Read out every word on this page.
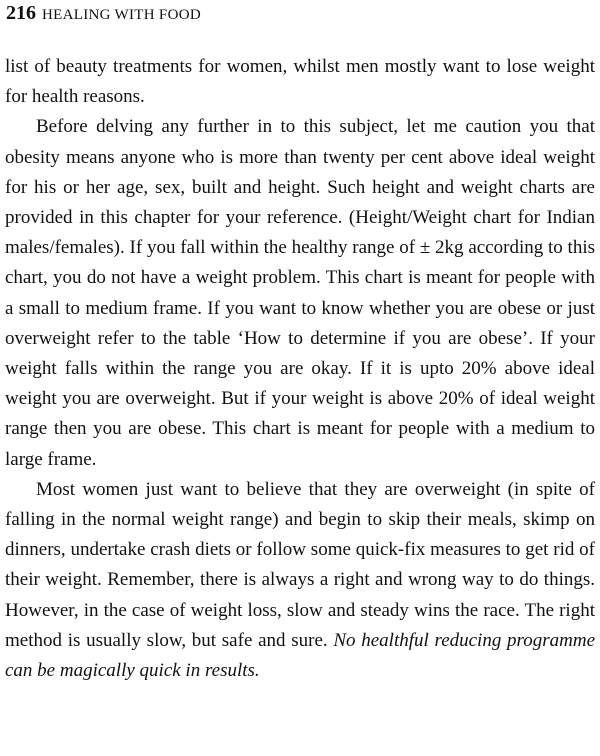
216 HEALING WITH FOOD

list of beauty treatments for women, whilst men mostly want to lose weight for health reasons.

Before delving any further in to this subject, let me caution you that obesity means anyone who is more than twenty per cent above ideal weight for his or her age, sex, built and height. Such height and weight charts are provided in this chapter for your reference. (Height/Weight chart for Indian males/females). If you fall within the healthy range of ± 2kg according to this chart, you do not have a weight problem. This chart is meant for people with a small to medium frame. If you want to know whether you are obese or just overweight refer to the table ‘How to determine if you are obese’. If your weight falls within the range you are okay. If it is upto 20% above ideal weight you are overweight. But if your weight is above 20% of ideal weight range then you are obese. This chart is meant for people with a medium to large frame.

Most women just want to believe that they are overweight (in spite of falling in the normal weight range) and begin to skip their meals, skimp on dinners, undertake crash diets or follow some quick-fix measures to get rid of their weight. Remember, there is always a right and wrong way to do things. However, in the case of weight loss, slow and steady wins the race. The right method is usually slow, but safe and sure. No healthful reducing programme can be magically quick in results.
